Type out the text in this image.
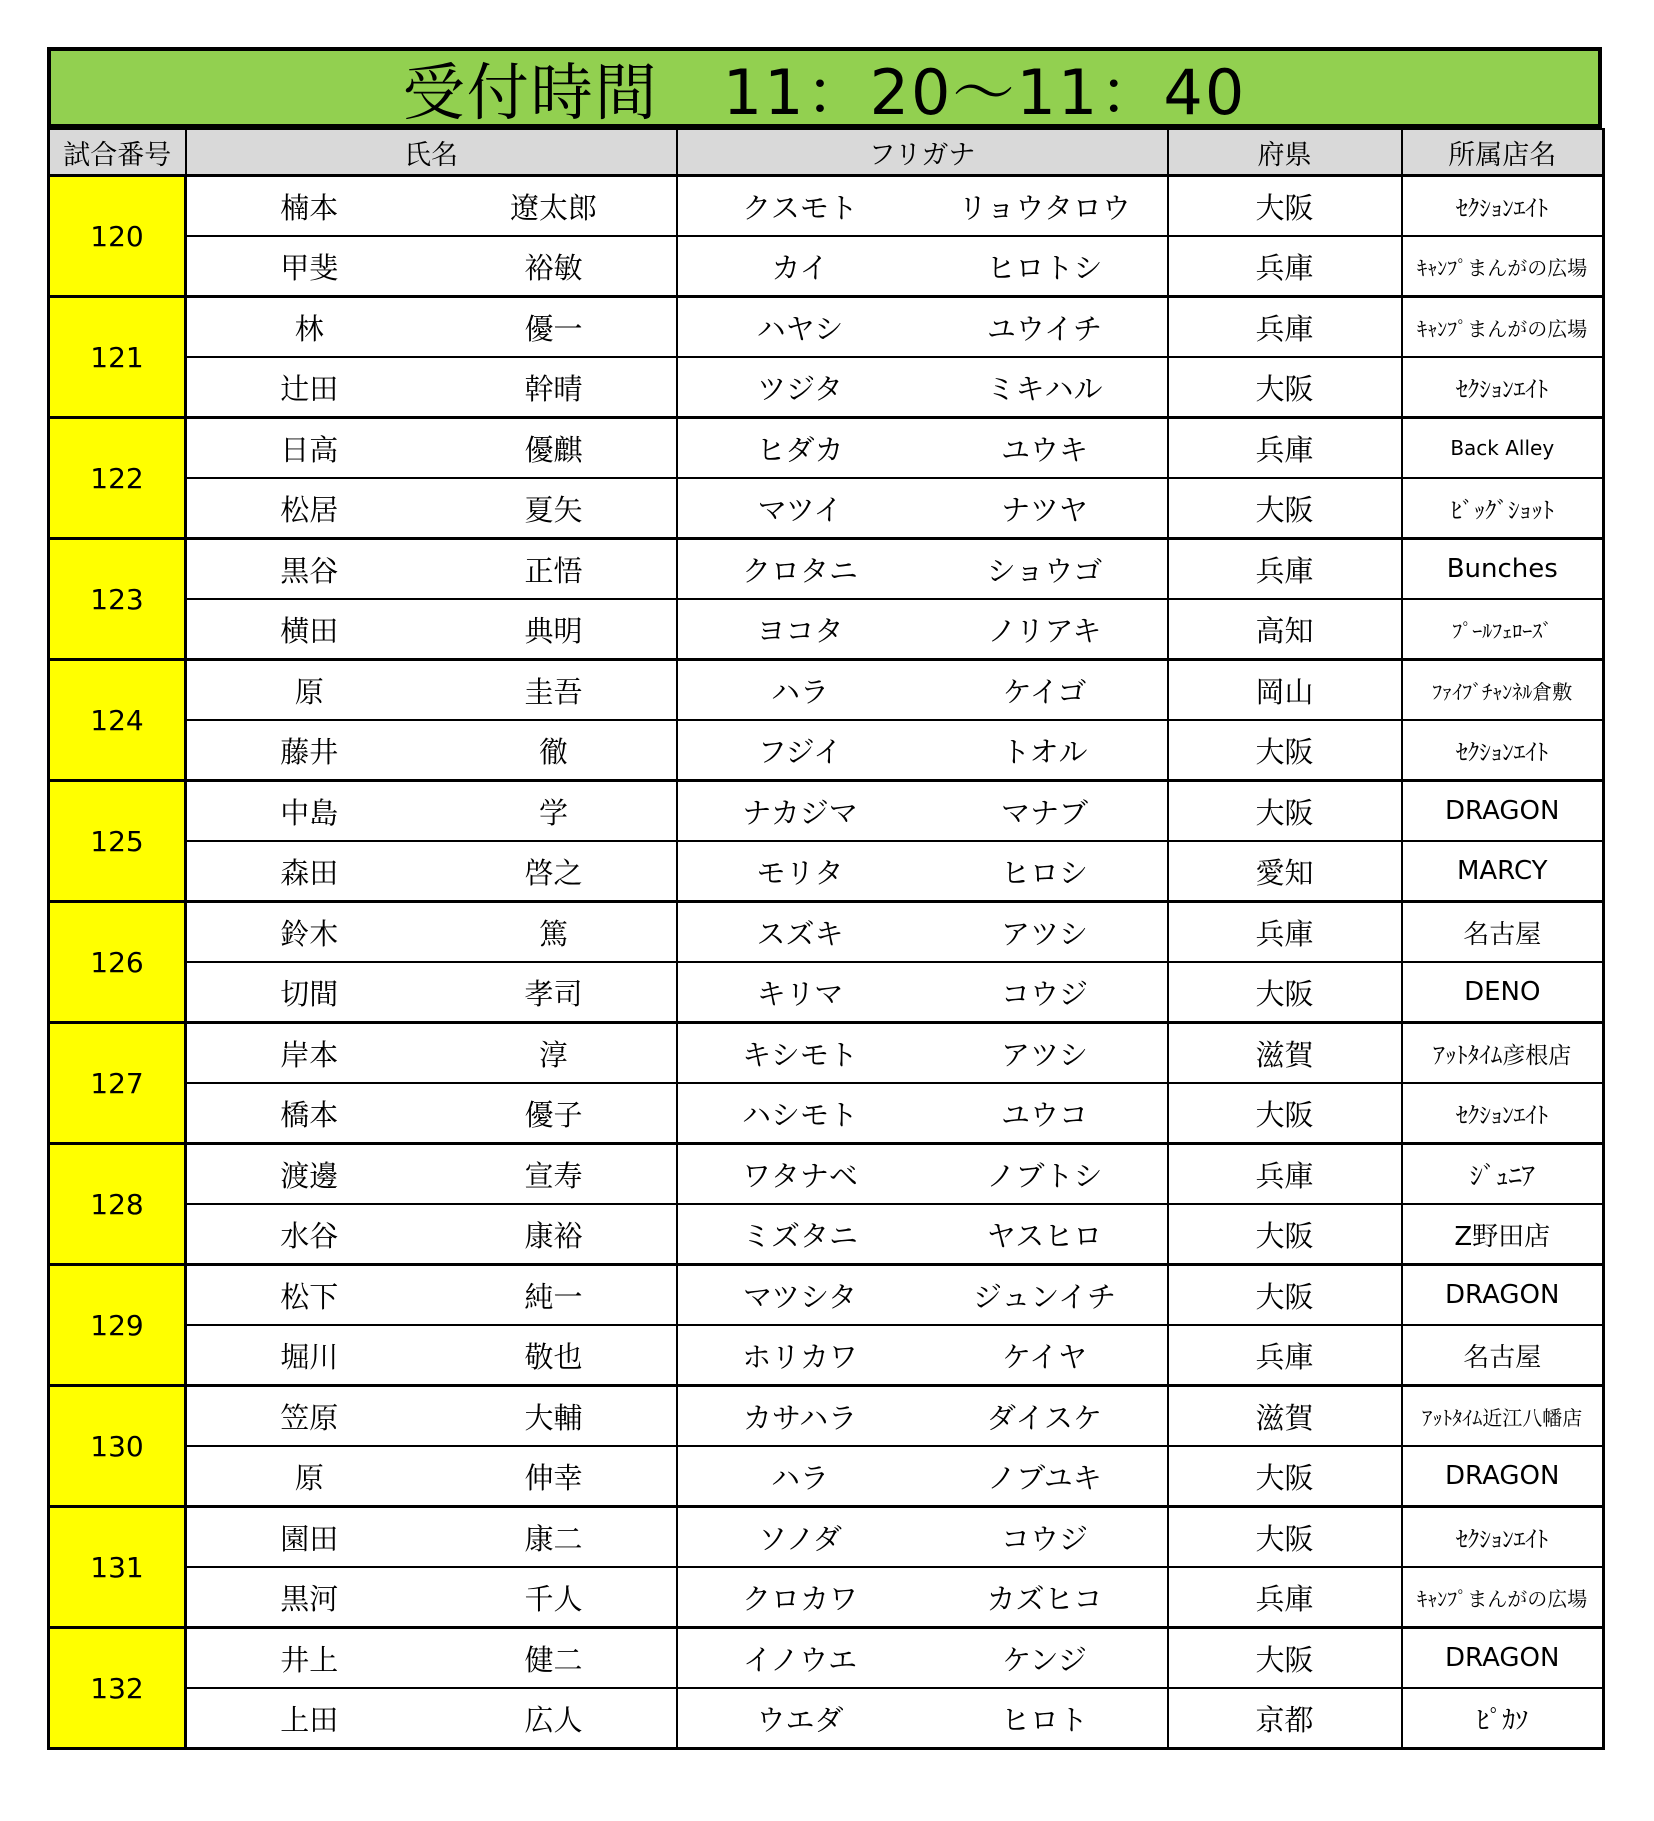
受付時間　11：20～11：40
試合番号	氏名		フリガナ		府県	所属店名
120	楠本	遼太郎	クスモト	リョウタロウ	大阪	ｾｸｼｮﾝｴｲﾄ
	甲斐	裕敏	カイ	ヒロトシ	兵庫	ｷｬﾝﾌﾟまんがの広場
121	林	優一	ハヤシ	ユウイチ	兵庫	ｷｬﾝﾌﾟまんがの広場
	辻田	幹晴	ツジタ	ミキハル	大阪	ｾｸｼｮﾝｴｲﾄ
122	日高	優麒	ヒダカ	ユウキ	兵庫	Back Alley
	松居	夏矢	マツイ	ナツヤ	大阪	ﾋﾞｯｸﾞｼｮｯﾄ
123	黒谷	正悟	クロタニ	ショウゴ	兵庫	Bunches
	横田	典明	ヨコタ	ノリアキ	高知	ﾌﾟｰﾙﾌｪﾛｰｽﾞ
124	原	圭吾	ハラ	ケイゴ	岡山	ﾌｧｲﾌﾞﾁｬﾝﾈﾙ倉敷
	藤井	徹	フジイ	トオル	大阪	ｾｸｼｮﾝｴｲﾄ
125	中島	学	ナカジマ	マナブ	大阪	DRAGON
	森田	啓之	モリタ	ヒロシ	愛知	MARCY
126	鈴木	篤	スズキ	アツシ	兵庫	名古屋
	切間	孝司	キリマ	コウジ	大阪	DENO
127	岸本	淳	キシモト	アツシ	滋賀	ｱｯﾄﾀｲﾑ彦根店
	橋本	優子	ハシモト	ユウコ	大阪	ｾｸｼｮﾝｴｲﾄ
128	渡邊	宣寿	ワタナベ	ノブトシ	兵庫	ｼﾞｭﾆｱ
	水谷	康裕	ミズタニ	ヤスヒロ	大阪	Z野田店
129	松下	純一	マツシタ	ジュンイチ	大阪	DRAGON
	堀川	敬也	ホリカワ	ケイヤ	兵庫	名古屋
130	笠原	大輔	カサハラ	ダイスケ	滋賀	ｱｯﾄﾀｲﾑ近江八幡店
	原	伸幸	ハラ	ノブユキ	大阪	DRAGON
131	園田	康二	ソノダ	コウジ	大阪	ｾｸｼｮﾝｴｲﾄ
	黒河	千人	クロカワ	カズヒコ	兵庫	ｷｬﾝﾌﾟまんがの広場
132	井上	健二	イノウエ	ケンジ	大阪	DRAGON
	上田	広人	ウエダ	ヒロト	京都	ﾋﾟｶｿ
